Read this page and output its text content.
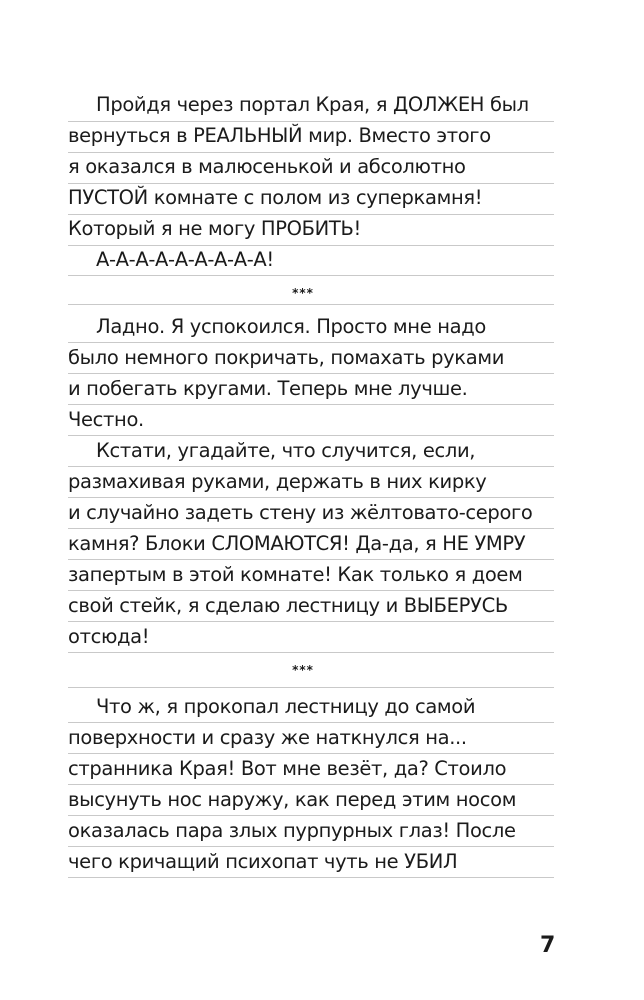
Пройдя через портал Края, я ДОЛЖЕН был
вернуться в РЕАЛЬНЫЙ мир. Вместо этого
я оказался в малюсенькой и абсолютно
ПУСТОЙ комнате с полом из суперкамня!
Который я не могу ПРОБИТЬ!
А-А-А-А-А-А-А-А-А!
***
Ладно. Я успокоился. Просто мне надо
было немного покричать, помахать руками
и побегать кругами. Теперь мне лучше.
Честно.
Кстати, угадайте, что случится, если,
размахивая руками, держать в них кирку
и случайно задеть стену из жёлтовато-серого
камня? Блоки СЛОМАЮТСЯ! Да-да, я НЕ УМРУ
запертым в этой комнате! Как только я доем
свой стейк, я сделаю лестницу и ВЫБЕРУСЬ
отсюда!
***
Что ж, я прокопал лестницу до самой
поверхности и сразу же наткнулся на...
странника Края! Вот мне везёт, да? Стоило
высунуть нос наружу, как перед этим носом
оказалась пара злых пурпурных глаз! После
чего кричащий психопат чуть не УБИЛ
7
